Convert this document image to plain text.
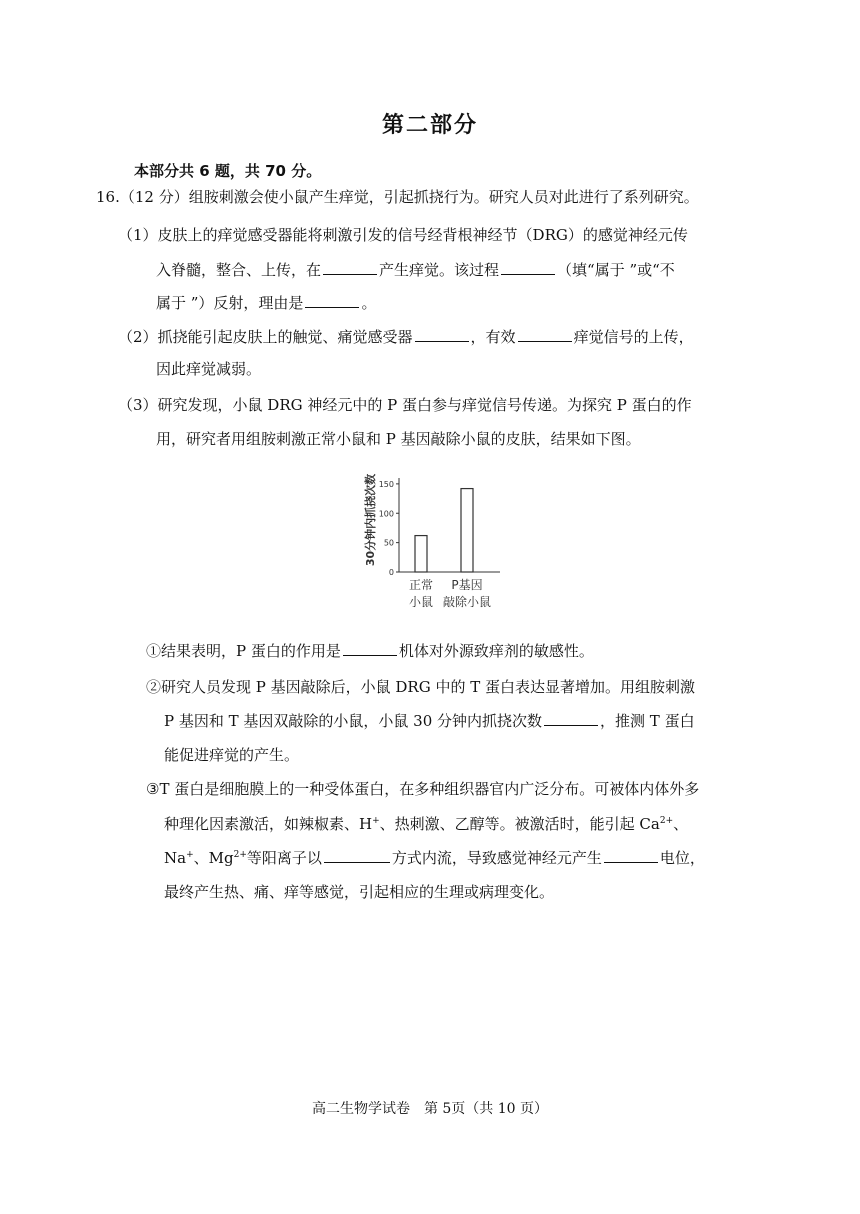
第二部分
本部分共 6 题，共 70 分。
16.（12 分）组胺刺激会使小鼠产生痒觉，引起抓挠行为。研究人员对此进行了系列研究。
（1）皮肤上的痒觉感受器能将刺激引发的信号经背根神经节（DRG）的感觉神经元传
入脊髓，整合、上传，在	产生痒觉。该过程	（填“属于 ”或“不
属于 ”）反射，理由是	。
（2）抓挠能引起皮肤上的触觉、痛觉感受器	，有效	痒觉信号的上传，
因此痒觉减弱。
（3）研究发现，小鼠 DRG 神经元中的 P 蛋白参与痒觉信号传递。为探究 P 蛋白的作
用，研究者用组胺刺激正常小鼠和 P 基因敲除小鼠的皮肤，结果如下图。
30分钟内抓挠次数
0
50
100
150
正常
小鼠
P基因
敲除小鼠
①结果表明，P 蛋白的作用是	机体对外源致痒剂的敏感性。
②研究人员发现 P 基因敲除后，小鼠 DRG 中的 T 蛋白表达显著增加。用组胺刺激
P 基因和 T 基因双敲除的小鼠，小鼠 30 分钟内抓挠次数	，推测 T 蛋白
能促进痒觉的产生。
③T 蛋白是细胞膜上的一种受体蛋白，在多种组织器官内广泛分布。可被体内体外多
种理化因素激活，如辣椒素、H+、热刺激、乙醇等。被激活时，能引起 $Ca^{2+}$、
Na+、$Mg^{2+}$等阳离子以	方式内流，导致感觉神经元产生	电位，
最终产生热、痛、痒等感觉，引起相应的生理或病理变化。
高二生物学试卷　第 5页（共 10 页）
